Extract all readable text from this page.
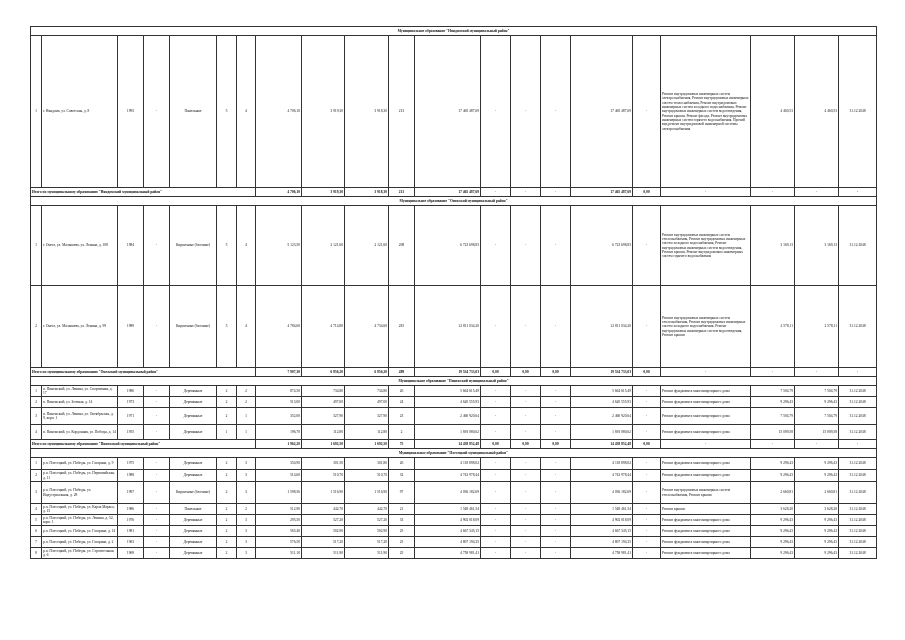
Муниципальное образование "Няндомский муниципальный район"																				
1	г. Няндома, ул. Советская, д. 8	1993	-	Панельные	5	4	4 706,10	3 919,30	3 918,30	213	17 465 487,69	-	-	-	17 465 487,69	-	Ремонт внутридомовых инженерных систем электроснабжения, Ремонт внутридомовых инженерных систем теплоснабжения, Ремонт внутридомовых инженерных систем холодного водоснабжения, Ремонт внутридомовых инженерных систем водоотведения, Ремонт крыши, Ремонт фасада, Ремонт внутридомовых инженерных систем горячего водоснабжения, Прочий вид ремонт внутридомовой инженерной системы электроснабжения	4 460,53	4 460,53	31.12.2048
Итого по муниципальному образованию "Няндомский муниципальный район"							4 706,10	3 919,30	3 918,30	213	17 465 487,69	-	-	-	17 465 487,69	0,00	-	-	-	-
Муниципальное образование "Онежский муниципальный район"																				
1	г. Онега, ул. Малышева, ул. Ленина, д. 108	1984	-	Кирпичные (блочные)	5	4	5 123,50	2 121,60	2 121,60	208	6 723 698,83	-	-	-	6 723 698,83	-	Ремонт внутридомовых инженерных систем теплоснабжения, Ремонт внутридомовых инженерных систем холодного водоснабжения, Ремонт внутридомовых инженерных систем водоотведения, Ремонт крыши, Ремонт внутридомовых инженерных систем горячего водоснабжения	3 169,13	3 169,13	31.12.2048
2	г. Онега, ул. Малышева, ул. Ленина, д. 99	1989	-	Кирпичные (блочные)	5	4	4 784,60	4 714,80	4 734,60	281	12 811 034,20	-	-	-	12 811 034,20	-	Ремонт внутридомовых инженерных систем теплоснабжения, Ремонт внутридомовых инженерных систем холодного водоснабжения, Ремонт внутридомовых инженерных систем водоотведения, Ремонт крыши	2 578,11	2 578,11	31.12.2048
Итого по муниципальному образованию "Онежский муниципальный район"							7 907,30	6 856,20	6 856,20	489	19 534 733,03	0,00	0,00	0,00	19 534 733,03	0,00	-	-	-	-
Муниципальное образование "Пинежский муниципальный район"																				
1	п. Пинежский, ул. Ленина, ул. Спортивная, д. 17	1980	-	Деревянные	2	2	874,50	734,80	734,80	26	5 664 615,49	-	-	-	5 664 615,49	-	Ремонт фундамента многоквартирного дома	7 504,79	7 504,79	31.12.2048
2	п. Пинежский, ул. Зеленая, д. 14	1973	-	Деревянные	2	2	513,00	497,00	497,00	24	4 620 555,93	-	-	-	4 620 555,93	-	Ремонт фундамента многоквартирного дома	9 296,43	9 296,43	31.12.2048
3	п. Пинежский, ул. Ленина, ул. Октябрьская, д. 9, корп. 1	1971	-	Деревянные	2	1	352,00	327,90	327,90	23	2 460 920,64	-	-	-	2 460 920,64	-	Ремонт фундамента многоквартирного дома	7 504,79	7 504,79	31.12.2048
4	п. Пинежский, ул. Кордонная, ул. Победы, д. 14	1955	-	Деревянные	1	1	196,70	112,80	112,80	2	1 693 080,62	-	-	-	1 693 080,62	-	Ремонт фундамента многоквартирного дома	15 009,58	15 009,58	31.12.2048
Итого по муниципальному образованию "Пинежский муниципальный район"							1 962,20	1 692,50	1 692,50	75	14 438 852,48	0,00	0,00	0,00	14 438 852,48	0,00	-	-	-	-
Муниципальное образование "Плесецкий муниципальный район"																				
1	р.п. Плесецкий, ул. Победы, ул. Гагарина, д. 9	1975	-	Деревянные	2	3	354,90	301,50	301,80	26	4 118 898,02	-	-	-	4 118 898,02	-	Ремонт фундамента многоквартирного дома	9 296,43	9 296,43	31.12.2048
2	р.п. Плесецкий, ул. Победы, ул. Первомайская, д. 11	1988	-	Деревянные	2	3	514,60	510,70	510,70	32	4 743 978,44	-	-	-	4 743 978,44	-	Ремонт фундамента многоквартирного дома	9 296,43	9 296,43	31.12.2048
3	р.п. Плесецкий, ул. Победы, ул. Индустриальная, д. 28	1997	-	Кирпичные (блочные)	2	3	1 598,56	1 516,90	1 516,90	97	4 036 182,69	-	-	-	4 036 182,69	-	Ремонт внутридомовых инженерных систем теплоснабжения, Ремонт крыши	2 660,81	2 660,81	31.12.2048
4	р.п. Плесецкий, ул. Победы, ул. Карла Маркса, д. 15	1986	-	Панельные	2	2	512,90	442,70	442,70	21	1 548 461,54	-	-	-	1 548 461,54	-	Ремонт крыши	3 628,20	3 628,20	31.12.2048
5	р.п. Плесецкий, ул. Победы, ул. Ленина, д. 52, корп. 1	1976	-	Деревянные	2	3	295,50	527,20	527,20	33	4 902 018,09	-	-	-	4 902 018,09	-	Ремонт фундамента многоквартирного дома	9 296,43	9 296,43	31.12.2048
6	р.п. Плесецкий, ул. Победы, ул. Гагарина, д. 14	1981	-	Деревянные	2	3	565,40	502,90	502,90	25	4 667 345,15	-	-	-	4 667 345,15	-	Ремонт фундамента многоквартирного дома	9 296,43	9 296,43	31.12.2048
7	р.п. Плесецкий, ул. Победы, ул. Гагарина, д. 2	1963	-	Деревянные	2	3	576,50	517,20	517,20	25	4 807 194,35	-	-	-	4 807 194,35	-	Ремонт фундамента многоквартирного дома	9 296,43	9 296,43	31.12.2048
8	р.п. Плесецкий, ул. Победы, ул. Строительная, д. 6	1969	-	Деревянные	2	3	511,10	511,90	511,90	25	4 758 981,41	-	-	-	4 758 981,41	-	Ремонт фундамента многоквартирного дома	9 296,43	9 296,43	31.12.2048
